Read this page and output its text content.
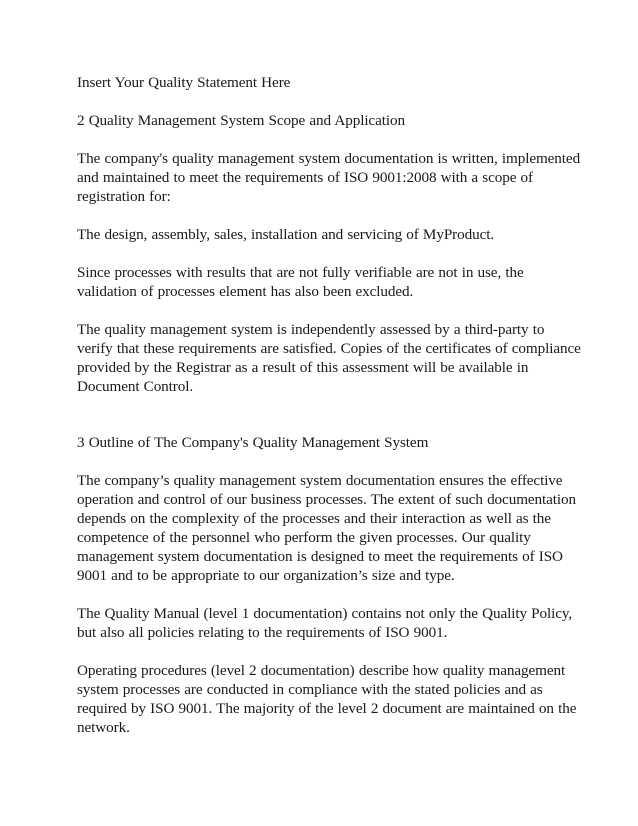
Insert Your Quality Statement Here

2 Quality Management System Scope and Application

The company's quality management system documentation is written, implemented
and maintained to meet the requirements of ISO 9001:2008 with a scope of
registration for:

The design, assembly, sales, installation and servicing of MyProduct.

Since processes with results that are not fully verifiable are not in use, the
validation of processes element has also been excluded.

The quality management system is independently assessed by a third-party to
verify that these requirements are satisfied. Copies of the certificates of compliance
provided by the Registrar as a result of this assessment will be available in
Document Control.

3 Outline of The Company's Quality Management System

The company’s quality management system documentation ensures the effective
operation and control of our business processes. The extent of such documentation
depends on the complexity of the processes and their interaction as well as the
competence of the personnel who perform the given processes. Our quality
management system documentation is designed to meet the requirements of ISO
9001 and to be appropriate to our organization’s size and type.

The Quality Manual (level 1 documentation) contains not only the Quality Policy,
but also all policies relating to the requirements of ISO 9001.

Operating procedures (level 2 documentation) describe how quality management
system processes are conducted in compliance with the stated policies and as
required by ISO 9001. The majority of the level 2 document are maintained on the
network.
